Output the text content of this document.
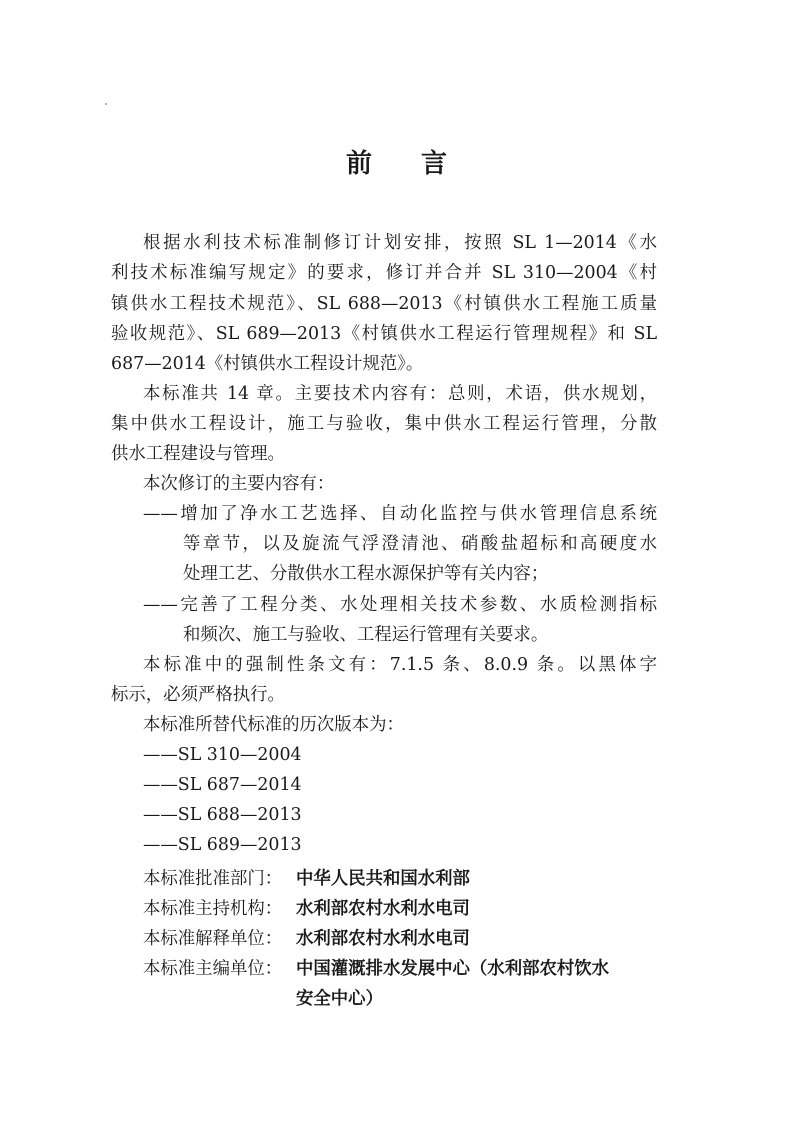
前 言
根据水利技术标准制修订计划安排，按照 SL 1—2014《水
利技术标准编写规定》的要求，修订并合并 SL 310—2004《村
镇供水工程技术规范》、SL 688—2013《村镇供水工程施工质量
验收规范》、SL 689—2013《村镇供水工程运行管理规程》和 SL
687—2014《村镇供水工程设计规范》。
本标准共 14 章。主要技术内容有：总则，术语，供水规划，
集中供水工程设计，施工与验收，集中供水工程运行管理，分散
供水工程建设与管理。
本次修订的主要内容有：
——增加了净水工艺选择、自动化监控与供水管理信息系统
等章节，以及旋流气浮澄清池、硝酸盐超标和高硬度水
处理工艺、分散供水工程水源保护等有关内容；
——完善了工程分类、水处理相关技术参数、水质检测指标
和频次、施工与验收、工程运行管理有关要求。
本标准中的强制性条文有：7.1.5 条、8.0.9 条。以黑体字
标示，必须严格执行。
本标准所替代标准的历次版本为：
——SL 310—2004
——SL 687—2014
——SL 688—2013
——SL 689—2013
本标准批准部门： 中华人民共和国水利部
本标准主持机构： 水利部农村水利水电司
本标准解释单位： 水利部农村水利水电司
本标准主编单位： 中国灌溉排水发展中心（水利部农村饮水
安全中心）
